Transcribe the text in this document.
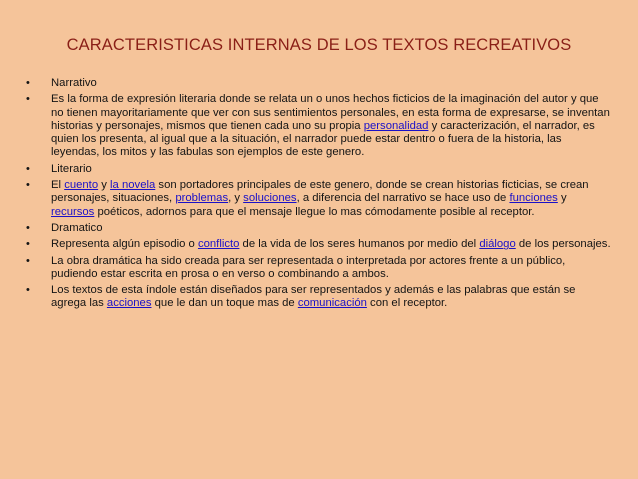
CARACTERISTICAS INTERNAS DE LOS TEXTOS RECREATIVOS
• Narrativo
• Es la forma de expresión literaria donde se relata un o unos hechos ficticios de la imaginación del autor y que no tienen mayoritariamente que ver con sus sentimientos personales, en esta forma de expresarse, se inventan historias y personajes, mismos que tienen cada uno su propia personalidad y caracterización, el narrador, es quien los presenta, al igual que a la situación, el narrador puede estar dentro o fuera de la historia, las leyendas, los mitos y las fabulas son ejemplos de este genero.
• Literario
• El cuento y la novela son portadores principales de este genero, donde se crean historias ficticias, se crean personajes, situaciones, problemas, y soluciones, a diferencia del narrativo se hace uso de funciones y recursos poéticos, adornos para que el mensaje llegue lo mas cómodamente posible al receptor.
• Dramatico
• Representa algún episodio o conflicto de la vida de los seres humanos por medio del diálogo de los personajes.
• La obra dramática ha sido creada para ser representada o interpretada por actores frente a un público, pudiendo estar escrita en prosa o en verso o combinando a ambos.
• Los textos de esta índole están diseñados para ser representados y además e las palabras que están se agrega las acciones que le dan un toque mas de comunicación con el receptor.
